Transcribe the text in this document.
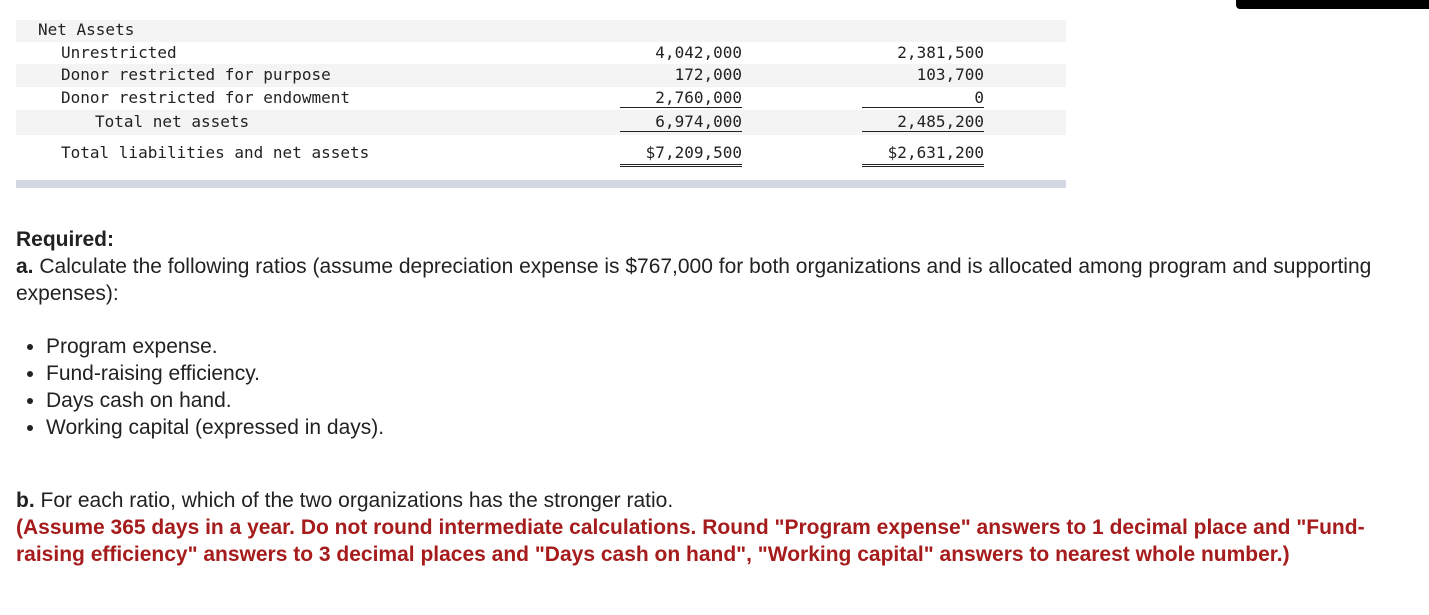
Net Assets
Unrestricted	4,042,000	2,381,500
Donor restricted for purpose	172,000	103,700
Donor restricted for endowment	2,760,000	0
Total net assets	6,974,000	2,485,200
Total liabilities and net assets	$7,209,500	$2,631,200

Required:

a. Calculate the following ratios (assume depreciation expense is $767,000 for both organizations and is allocated among program and supporting expenses):

• Program expense.
• Fund-raising efficiency.
• Days cash on hand.
• Working capital (expressed in days).

b. For each ratio, which of the two organizations has the stronger ratio.

(Assume 365 days in a year. Do not round intermediate calculations. Round "Program expense" answers to 1 decimal place and "Fund-raising efficiency" answers to 3 decimal places and "Days cash on hand", "Working capital" answers to nearest whole number.)
